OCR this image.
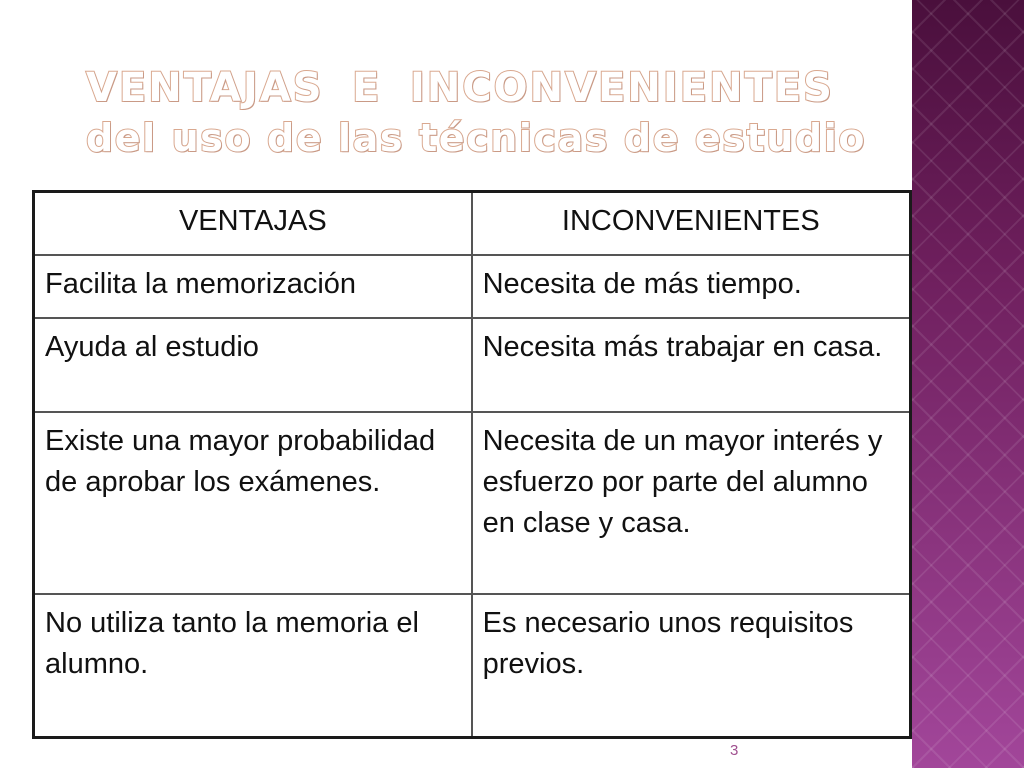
VENTAJAS E INCONVENIENTES
del uso de las técnicas de estudio
VENTAJAS	INCONVENIENTES
Facilita la memorización	Necesita de más tiempo.
Ayuda al estudio	Necesita más trabajar en casa.
Existe una mayor probabilidad de aprobar los exámenes.	Necesita de un mayor interés y esfuerzo por parte del alumno en clase y casa.
No utiliza tanto la memoria el alumno.	Es necesario unos requisitos previos.
3
